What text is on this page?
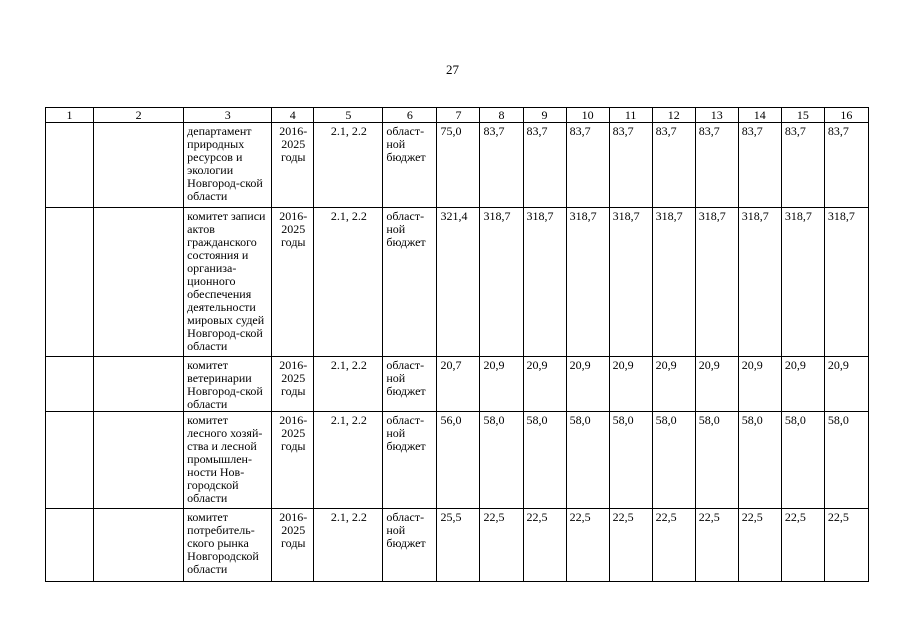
27
1	2	3	4	5	6	7	8	9	10	11	12	13	14	15	16
		департамент природных ресурсов и экологии Новгород-ской области	2016-2025 годы	2.1, 2.2	област-ной бюджет	75,0	83,7	83,7	83,7	83,7	83,7	83,7	83,7	83,7	83,7
		комитет записи актов гражданского состояния и организа-ционного обеспечения деятельности мировых судей Новгород-ской области	2016-2025 годы	2.1, 2.2	област-ной бюджет	321,4	318,7	318,7	318,7	318,7	318,7	318,7	318,7	318,7	318,7
		комитет ветеринарии Новгород-ской области	2016-2025 годы	2.1, 2.2	област-ной бюджет	20,7	20,9	20,9	20,9	20,9	20,9	20,9	20,9	20,9	20,9
		комитет лесного хозяй-ства и лесной промышлен-ности Нов-городской области	2016-2025 годы	2.1, 2.2	област-ной бюджет	56,0	58,0	58,0	58,0	58,0	58,0	58,0	58,0	58,0	58,0
		комитет потребитель-ского рынка Новгородской области	2016-2025 годы	2.1, 2.2	област-ной бюджет	25,5	22,5	22,5	22,5	22,5	22,5	22,5	22,5	22,5	22,5
